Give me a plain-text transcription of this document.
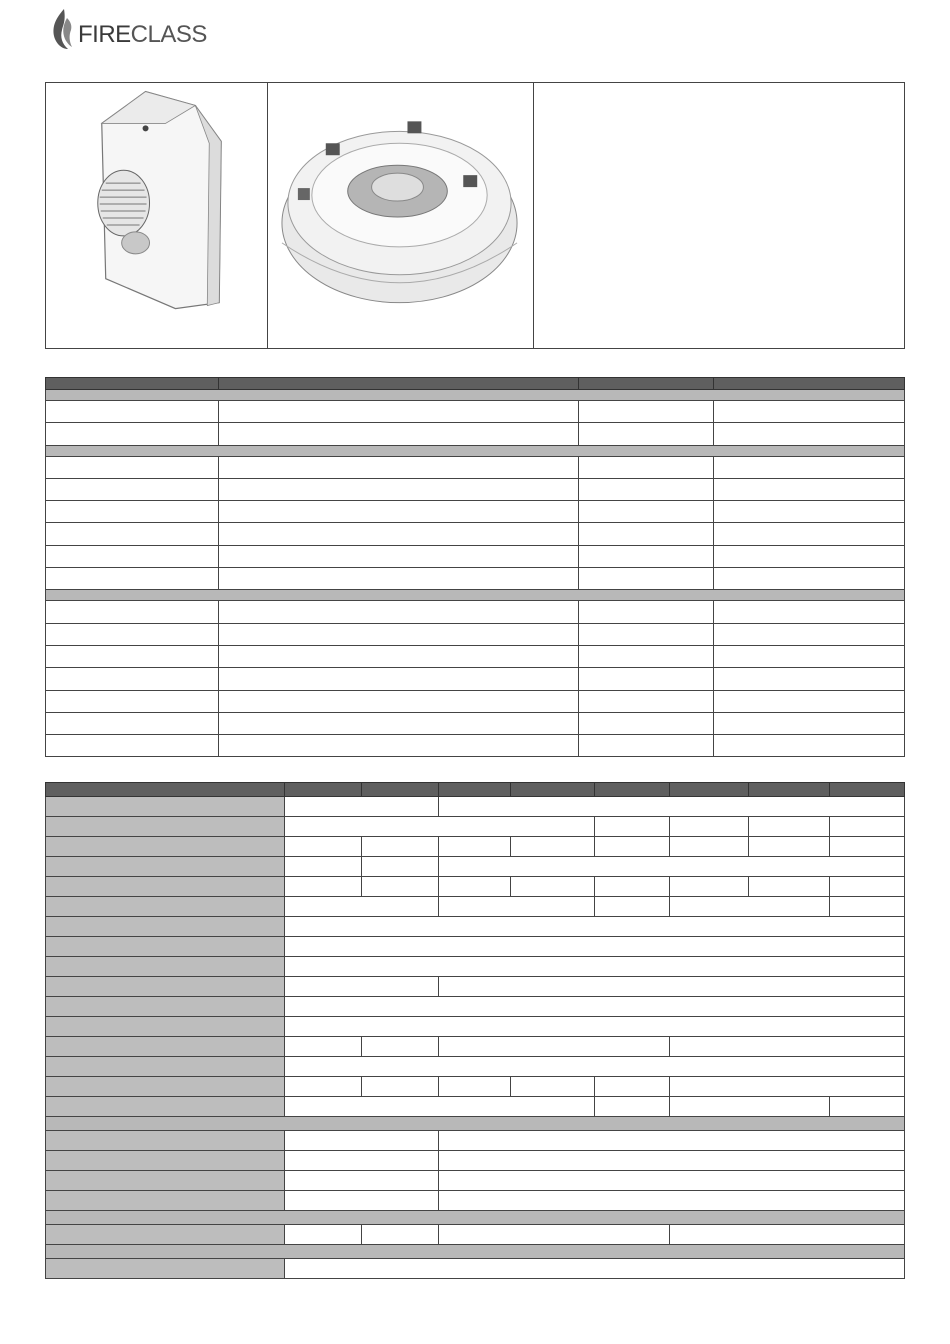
FIRECLASS
